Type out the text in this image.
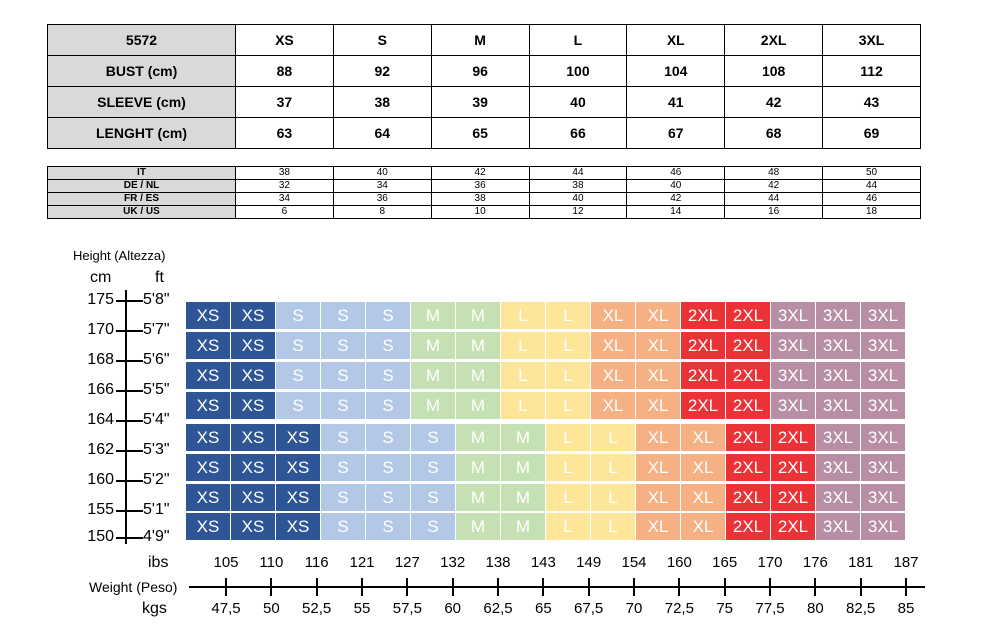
5572	XS	S	M	L	XL	2XL	3XL
BUST (cm)	88	92	96	100	104	108	112
SLEEVE (cm)	37	38	39	40	41	42	43
LENGHT (cm)	63	64	65	66	67	68	69
IT	38	40	42	44	46	48	50
DE / NL	32	34	36	38	40	42	44
FR / ES	34	36	38	40	42	44	46
UK / US	6	8	10	12	14	16	18
Height (Altezza)
cm	ft
175 5'8"
170 5'7"
168 5'6"
166 5'5"
164 5'4"
162 5'3"
160 5'2"
155 5'1"
150 4'9"
XS	XS	S	S	S	M	M	L	L	XL	XL	2XL 2XL 3XL 3XL 3XL
XS	XS	S	S	S	M	M	L	L	XL	XL	2XL 2XL 3XL 3XL 3XL
XS	XS	S	S	S	M	M	L	L	XL	XL	2XL 2XL 3XL 3XL 3XL
XS	XS	S	S	S	M	M	L	L	XL	XL	2XL 2XL 3XL 3XL 3XL
XS	XS	XS	S	S	S	M	M	L	L	XL	XL	2XL 2XL 3XL 3XL
XS	XS	XS	S	S	S	M	M	L	L	XL	XL	2XL 2XL 3XL 3XL
XS	XS	XS	S	S	S	M	M	L	L	XL	XL	2XL 2XL 3XL 3XL
XS	XS	XS	S	S	S	M	M	L	L	XL	XL	2XL 2XL 3XL 3XL
ibs
Weight (Peso)
kgs
105
47,5
110
50
116
52,5
121
55
127
57,5
132
60
138
62,5
143
65
149
67,5
154
70
160
72,5
165
75
170
77,5
176
80
181
82,5
187
85
